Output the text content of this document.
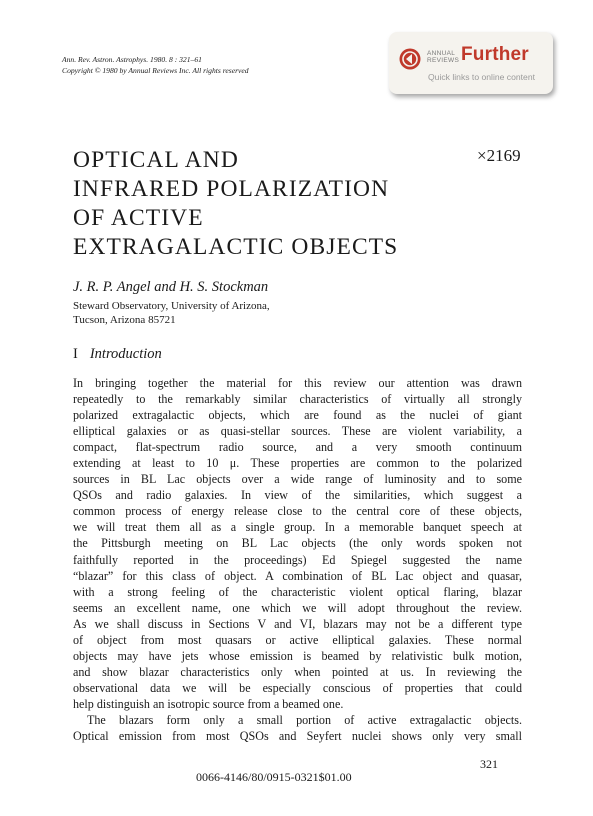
Ann. Rev. Astron. Astrophys. 1980. 8 : 321–61
Copyright © 1980 by Annual Reviews Inc. All rights reserved
ANNUAL
REVIEWS Further
Quick links to online content
OPTICAL AND
INFRARED POLARIZATION
OF ACTIVE
EXTRAGALACTIC OBJECTS
×2169
J. R. P. Angel and H. S. Stockman
Steward Observatory, University of Arizona,
Tucson, Arizona 85721
I Introduction
In bringing together the material for this review our attention was drawn
repeatedly to the remarkably similar characteristics of virtually all strongly
polarized extragalactic objects, which are found as the nuclei of giant
elliptical galaxies or as quasi-stellar sources. These are violent variability, a
compact, flat-spectrum radio source, and a very smooth continuum
extending at least to 10 μ. These properties are common to the polarized
sources in BL Lac objects over a wide range of luminosity and to some
QSOs and radio galaxies. In view of the similarities, which suggest a
common process of energy release close to the central core of these objects,
we will treat them all as a single group. In a memorable banquet speech at
the Pittsburgh meeting on BL Lac objects (the only words spoken not
faithfully reported in the proceedings) Ed Spiegel suggested the name
“blazar” for this class of object. A combination of BL Lac object and quasar,
with a strong feeling of the characteristic violent optical flaring, blazar
seems an excellent name, one which we will adopt throughout the review.
As we shall discuss in Sections V and VI, blazars may not be a different type
of object from most quasars or active elliptical galaxies. These normal
objects may have jets whose emission is beamed by relativistic bulk motion,
and show blazar characteristics only when pointed at us. In reviewing the
observational data we will be especially conscious of properties that could
help distinguish an isotropic source from a beamed one.
The blazars form only a small portion of active extragalactic objects.
Optical emission from most QSOs and Seyfert nuclei shows only very small
321
0066-4146/80/0915-0321$01.00
